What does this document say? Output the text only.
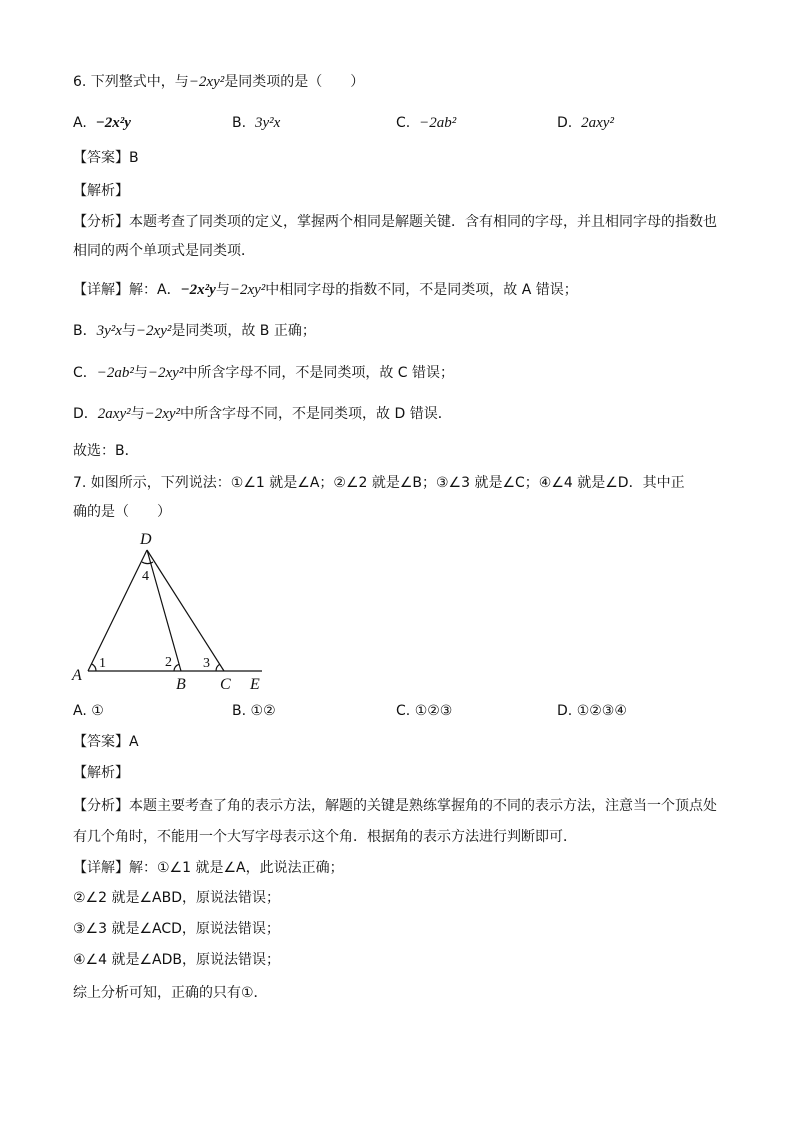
6. 下列整式中，与−2xy²是同类项的是（　　）
A. −2x²y	B. 3y²x	C. −2ab²	D. 2axy²
【答案】B
【解析】
【分析】本题考查了同类项的定义，掌握两个相同是解题关键．含有相同的字母，并且相同字母的指数也
相同的两个单项式是同类项．
【详解】解：A．−2x²y与−2xy²中相同字母的指数不同，不是同类项，故 A 错误；
B．3y²x与−2xy²是同类项，故 B 正确；
C．−2ab²与−2xy²中所含字母不同，不是同类项，故 C 错误；
D．2axy²与−2xy²中所含字母不同，不是同类项，故 D 错误．
故选：B．
7. 如图所示，下列说法：①∠1 就是∠A；②∠2 就是∠B；③∠3 就是∠C；④∠4 就是∠D．其中正
确的是（　　）
D
A
B C E
1	2 3
4
A. ①	B. ①②	C. ①②③	D. ①②③④
【答案】A
【解析】
【分析】本题主要考查了角的表示方法，解题的关键是熟练掌握角的不同的表示方法，注意当一个顶点处
有几个角时，不能用一个大写字母表示这个角．根据角的表示方法进行判断即可．
【详解】解：①∠1 就是∠A，此说法正确；
②∠2 就是∠ABD，原说法错误；
③∠3 就是∠ACD，原说法错误；
④∠4 就是∠ADB，原说法错误；
综上分析可知，正确的只有①．
